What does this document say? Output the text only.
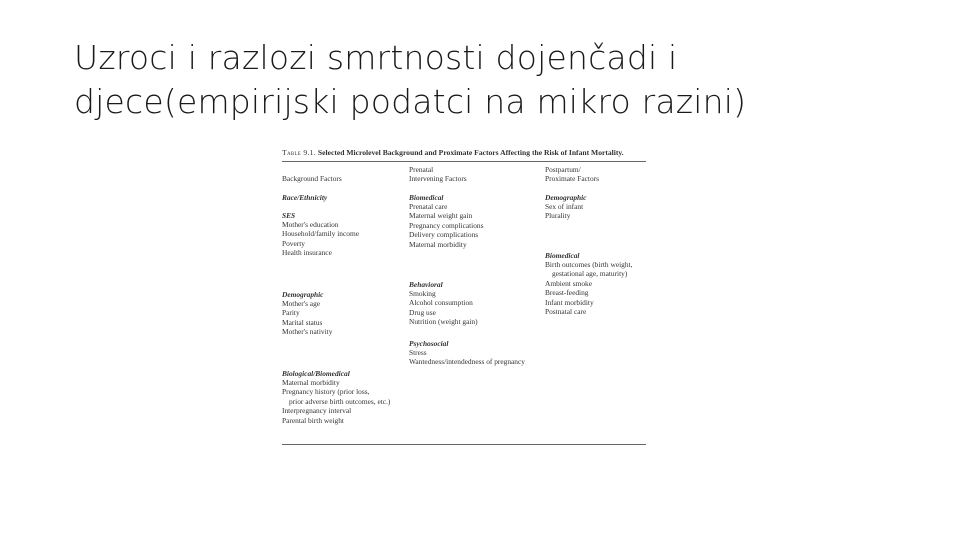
Uzroci i razlozi smrtnosti dojenčadi i
djece(empirijski podatci na mikro razini)

Table 9.1. Selected Microlevel Background and Proximate Factors Affecting the Risk of Infant Mortality.

Background Factors
Race/Ethnicity
SES
Mother's education
Household/family income
Poverty
Health insurance
Demographic
Mother's age
Parity
Marital status
Mother's nativity
Biological/Biomedical
Maternal morbidity
Pregnancy history (prior loss,
prior adverse birth outcomes, etc.)
Interpregnancy interval
Parental birth weight
Prenatal
Intervening Factors
Biomedical
Prenatal care
Maternal weight gain
Pregnancy complications
Delivery complications
Maternal morbidity
Behavioral
Smoking
Alcohol consumption
Drug use
Nutrition (weight gain)
Psychosocial
Stress
Wantedness/intendedness of pregnancy
Postpartum/
Proximate Factors
Demographic
Sex of infant
Plurality
Biomedical
Birth outcomes (birth weight,
gestational age, maturity)
Ambient smoke
Breast-feeding
Infant morbidity
Postnatal care
